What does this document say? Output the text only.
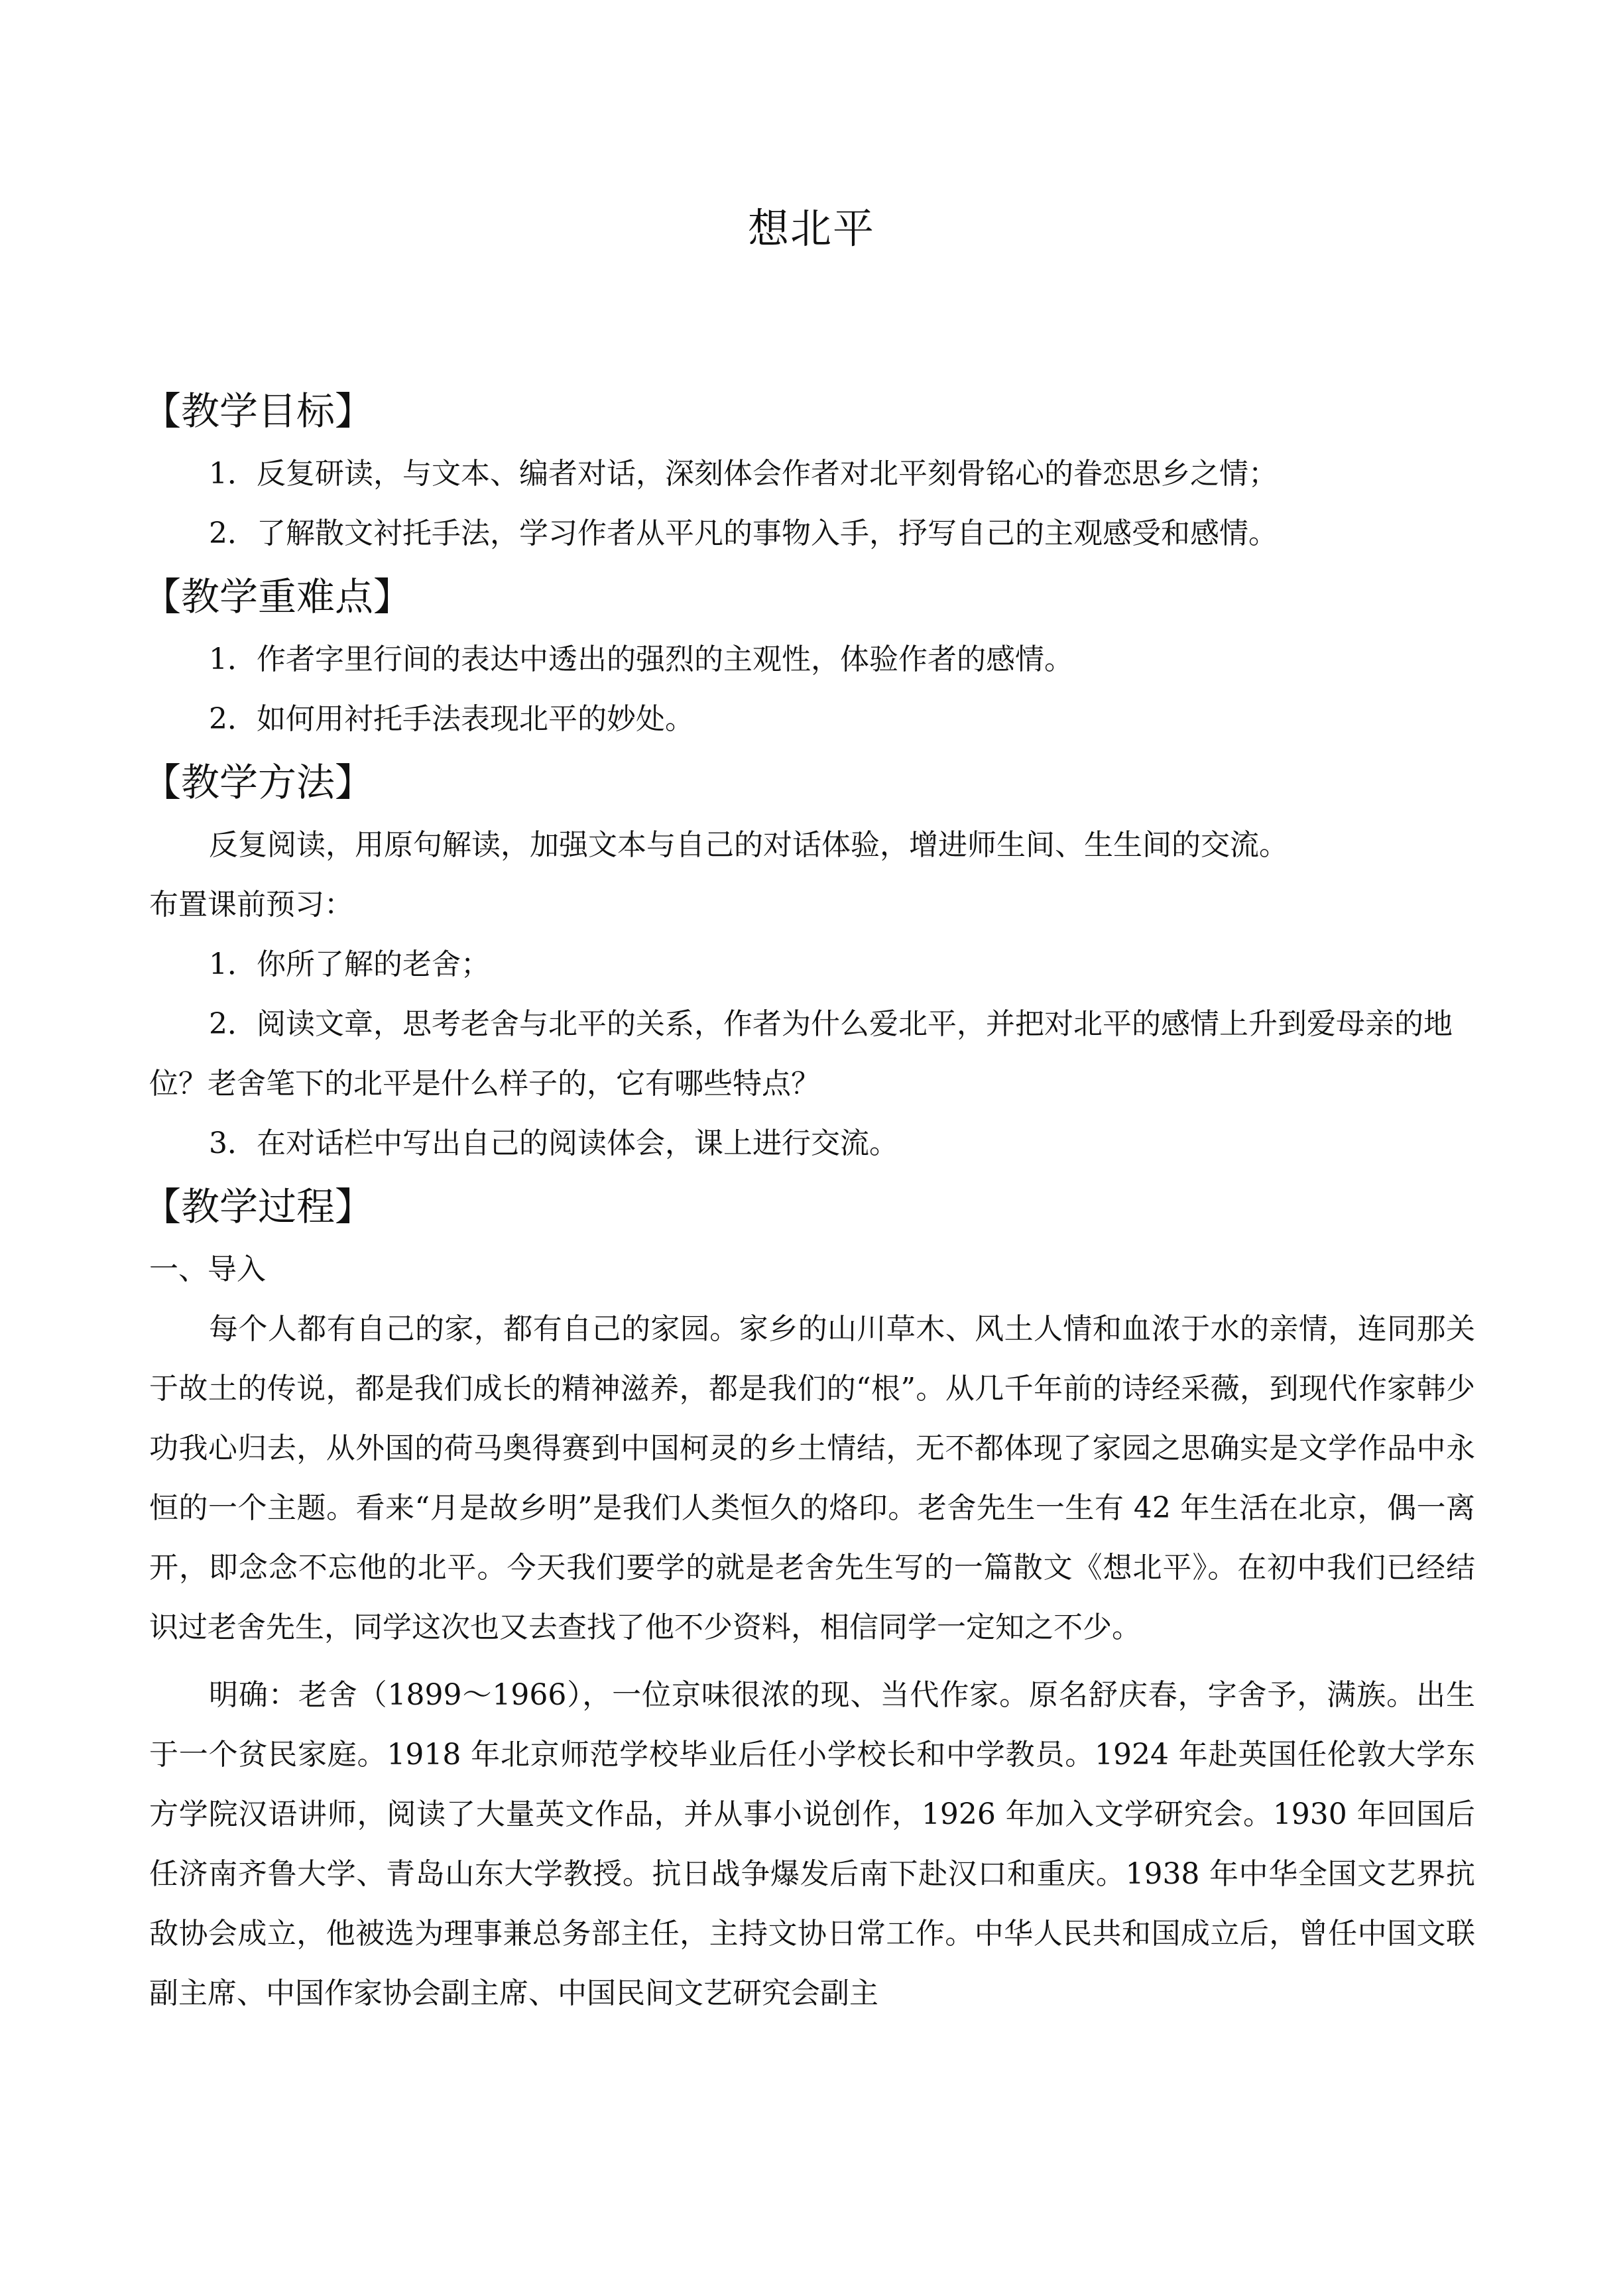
想北平
【教学目标】

1．反复研读，与文本、编者对话，深刻体会作者对北平刻骨铭心的眷恋思乡之情；

2．了解散文衬托手法，学习作者从平凡的事物入手，抒写自己的主观感受和感情。

【教学重难点】

1．作者字里行间的表达中透出的强烈的主观性，体验作者的感情。

2．如何用衬托手法表现北平的妙处。

【教学方法】

反复阅读，用原句解读，加强文本与自己的对话体验，增进师生间、生生间的交流。

布置课前预习：

1．你所了解的老舍；

2．阅读文章，思考老舍与北平的关系，作者为什么爱北平，并把对北平的感情上升到爱母亲的地位？老舍笔下的北平是什么样子的，它有哪些特点？

3．在对话栏中写出自己的阅读体会，课上进行交流。

【教学过程】

一、导入

每个人都有自己的家，都有自己的家园。家乡的山川草木、风土人情和血浓于水的亲情，连同那关于故土的传说，都是我们成长的精神滋养，都是我们的“根”。从几千年前的诗经采薇，到现代作家韩少功我心归去，从外国的荷马奥得赛到中国柯灵的乡土情结，无不都体现了家园之思确实是文学作品中永恒的一个主题。看来“月是故乡明”是我们人类恒久的烙印。老舍先生一生有 42 年生活在北京，偶一离开，即念念不忘他的北平。今天我们要学的就是老舍先生写的一篇散文《想北平》。在初中我们已经结识过老舍先生，同学这次也又去查找了他不少资料，相信同学一定知之不少。

明确：老舍（1899～1966），一位京味很浓的现、当代作家。原名舒庆春，字舍予，满族。出生于一个贫民家庭。1918 年北京师范学校毕业后任小学校长和中学教员。1924 年赴英国任伦敦大学东方学院汉语讲师，阅读了大量英文作品，并从事小说创作，1926 年加入文学研究会。1930 年回国后任济南齐鲁大学、青岛山东大学教授。抗日战争爆发后南下赴汉口和重庆。1938 年中华全国文艺界抗敌协会成立，他被选为理事兼总务部主任，主持文协日常工作。中华人民共和国成立后，曾任中国文联副主席、中国作家协会副主席、中国民间文艺研究会副主
